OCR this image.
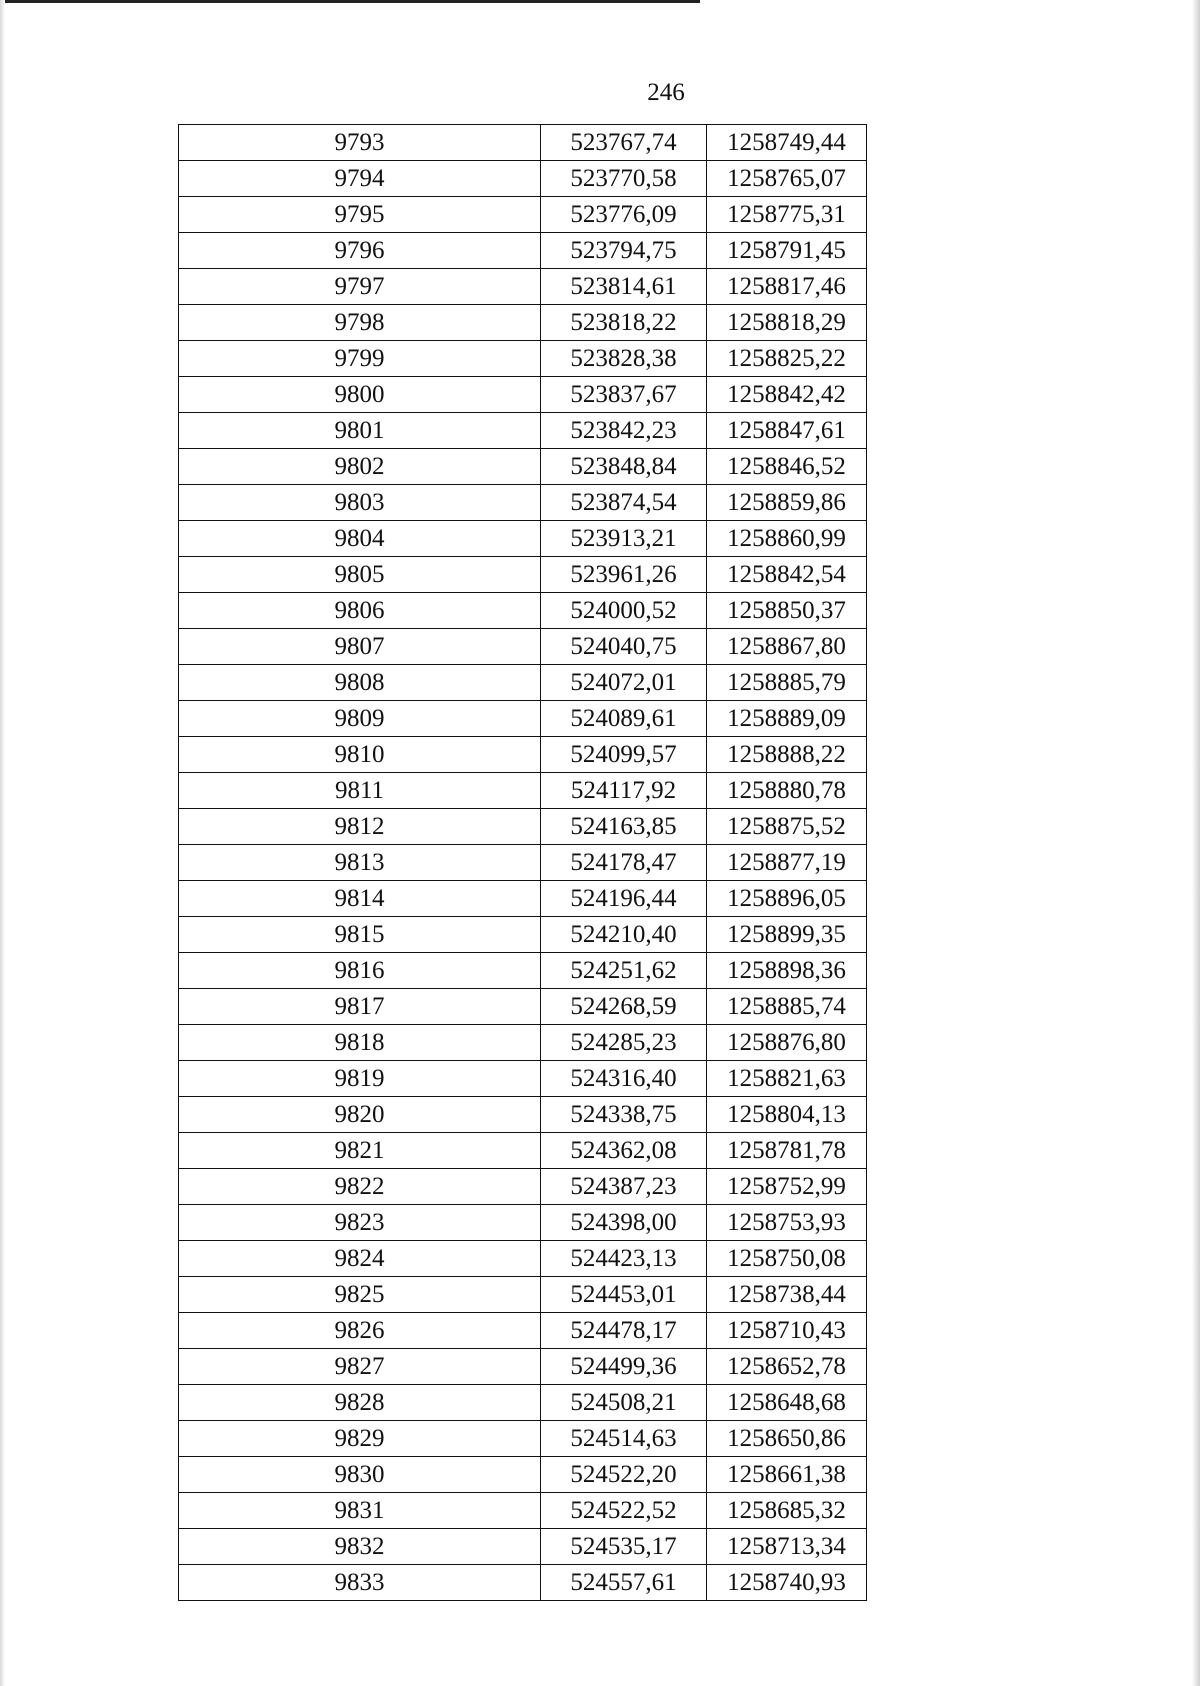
246
9793	523767,74	1258749,44
9794	523770,58	1258765,07
9795	523776,09	1258775,31
9796	523794,75	1258791,45
9797	523814,61	1258817,46
9798	523818,22	1258818,29
9799	523828,38	1258825,22
9800	523837,67	1258842,42
9801	523842,23	1258847,61
9802	523848,84	1258846,52
9803	523874,54	1258859,86
9804	523913,21	1258860,99
9805	523961,26	1258842,54
9806	524000,52	1258850,37
9807	524040,75	1258867,80
9808	524072,01	1258885,79
9809	524089,61	1258889,09
9810	524099,57	1258888,22
9811	524117,92	1258880,78
9812	524163,85	1258875,52
9813	524178,47	1258877,19
9814	524196,44	1258896,05
9815	524210,40	1258899,35
9816	524251,62	1258898,36
9817	524268,59	1258885,74
9818	524285,23	1258876,80
9819	524316,40	1258821,63
9820	524338,75	1258804,13
9821	524362,08	1258781,78
9822	524387,23	1258752,99
9823	524398,00	1258753,93
9824	524423,13	1258750,08
9825	524453,01	1258738,44
9826	524478,17	1258710,43
9827	524499,36	1258652,78
9828	524508,21	1258648,68
9829	524514,63	1258650,86
9830	524522,20	1258661,38
9831	524522,52	1258685,32
9832	524535,17	1258713,34
9833	524557,61	1258740,93
